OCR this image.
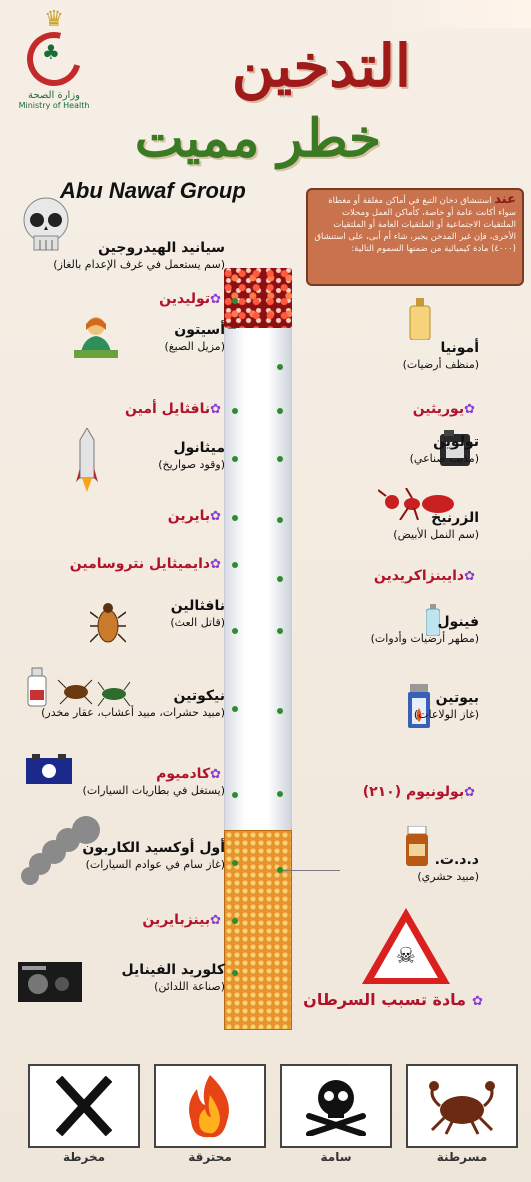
♛
♣
وزارة الصحة
Ministry of Health
التدخين
خطر مميت
Abu Nawaf Group	عند استنشاق دخان التبغ في أماكن مغلقة أو مغطاة سواء أكانت عامة أو خاصة، كأماكن العمل ومحلات الملتقيات الاجتماعية أو الملتقيات العامة أو الملتقيات الأخرى، فإن غير المدخن يجبر، شاء أم أبى، على استنشاق (٤٠٠٠) مادة كيميائية من ضمنها السموم التالية:
سيانيد الهيدروجين
(سم يستعمل في غرف الإعدام بالغاز)
✿توليدين
أسيتون
(مزيل الصبغ)
✿نافثايل أمين
ميثانول
(وقود صواريخ)
✿بايرين
✿دايميثايل نتروسامين
نافثالين
(قاتل العث)
نيكوتين
(مبيد حشرات، مبيد أعشاب، عقار مخدر)
✿كادميوم
(يستغل في بطاريات السيارات)
أول أوكسيد الكاربون
(غاز سام في عوادم السيارات)
✿بينزبايرين
كلوريد الفينايل
(صناعة اللدائن)
أمونيا
(منظف أرضيات)
✿يوريثين
تولوين
(مذيب صناعي)
الزرنيخ
(سم النمل الأبيض)
✿دايبنزاكريدين
فينول
(مطهر أرضيات وأدوات)
بيوتين
(غاز الولاعات)
✿بولونيوم (٢١٠)
د.د.ت.
(مبيد حشري)
☠
✿مادة تسبب السرطان
مسرطنة
سامة
محترقة
مخرطة
